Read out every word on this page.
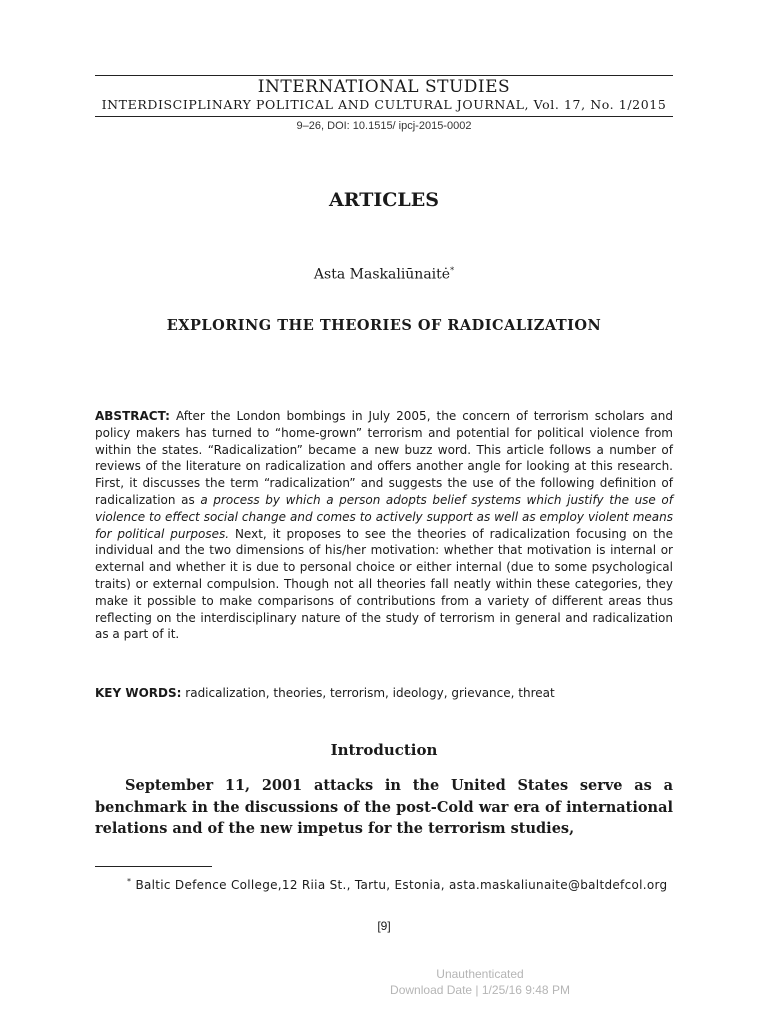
INTERNATIONAL STUDIES
INTERDISCIPLINARY POLITICAL AND CULTURAL JOURNAL, Vol. 17, No. 1/2015
9–26, DOI: 10.1515/ ipcj-2015-0002
ARTICLES
Asta Maskaliūnaitė*
EXPLORING THE THEORIES OF RADICALIZATION

ABSTRACT: After the London bombings in July 2005, the concern of terrorism scholars and policy makers has turned to “home-grown” terrorism and potential for political violence from within the states. “Radicalization” became a new buzz word. This article follows a number of reviews of the literature on radicalization and offers another angle for looking at this research. First, it discusses the term “radicalization” and suggests the use of the following definition of radicalization as a process by which a person adopts belief systems which justify the use of violence to effect social change and comes to actively support as well as employ violent means for political purposes. Next, it proposes to see the theories of radicalization focusing on the individual and the two dimensions of his/her motivation: whether that motivation is internal or external and whether it is due to personal choice or either internal (due to some psychological traits) or external compulsion. Though not all theories fall neatly within these categories, they make it possible to make comparisons of contributions from a variety of different areas thus reflecting on the interdisciplinary nature of the study of terrorism in general and radicalization as a part of it.

KEY WORDS: radicalization, theories, terrorism, ideology, grievance, threat

Introduction

September 11, 2001 attacks in the United States serve as a benchmark in the discussions of the post-Cold war era of international relations and of the new impetus for the terrorism studies,

* Baltic Defence College,12 Riia St., Tartu, Estonia, asta.maskaliunaite@baltdefcol.org

[9]
Unauthenticated
Download Date | 1/25/16 9:48 PM
